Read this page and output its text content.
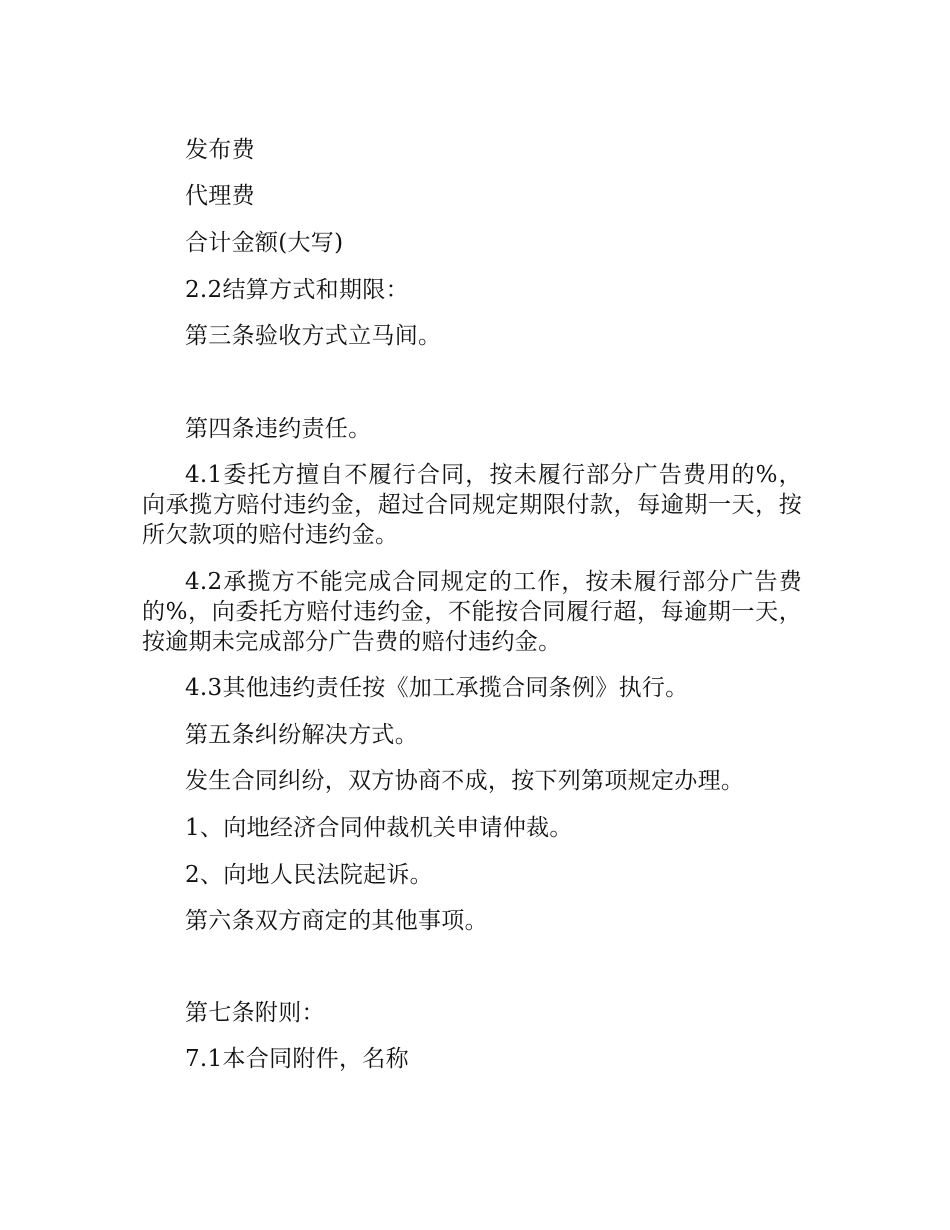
发布费

代理费

合计金额(大写)

2.2结算方式和期限：

第三条验收方式立马间。

第四条违约责任。

4.1委托方擅自不履行合同，按未履行部分广告费用的%，向承揽方赔付违约金，超过合同规定期限付款，每逾期一天，按所欠款项的赔付违约金。

4.2承揽方不能完成合同规定的工作，按未履行部分广告费的%，向委托方赔付违约金，不能按合同履行超，每逾期一天，按逾期未完成部分广告费的赔付违约金。

4.3其他违约责任按《加工承揽合同条例》执行。

第五条纠纷解决方式。

发生合同纠纷，双方协商不成，按下列第项规定办理。

1、向地经济合同仲裁机关申请仲裁。

2、向地人民法院起诉。

第六条双方商定的其他事项。

第七条附则：

7.1本合同附件，名称
